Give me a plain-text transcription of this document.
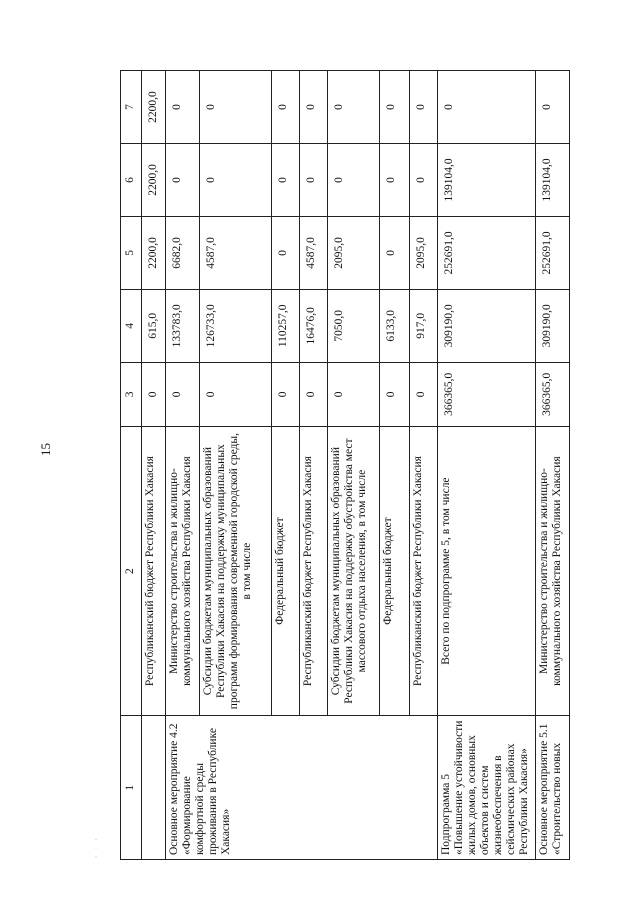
15
· · ·
1	2	3	4	5	6	7
	Республиканский бюджет Республики Хакасия	0	615,0	2200,0	2200,0	2200,0
Основное мероприятие 4.2 «Формирование комфортной среды проживания в Республике Хакасия»	Министерство строительства и жилищно-коммунального хозяйства Республики Хакасия	0	133783,0	6682,0	0	0
	Субсидии бюджетам муниципальных образований Республики Хакасия на поддержку муниципальных программ формирования современной городской среды, в том числе	0	126733,0	4587,0	0	0
	Федеральный бюджет	0	110257,0	0	0	0
	Республиканский бюджет Республики Хакасия	0	16476,0	4587,0	0	0
	Субсидии бюджетам муниципальных образований Республики Хакасия на поддержку обустройства мест массового отдыха населения, в том числе	0	7050,0	2095,0	0	0
	Федеральный бюджет	0	6133,0	0	0	0
	Республиканский бюджет Республики Хакасия	0	917,0	2095,0	0	0
Подпрограмма 5 «Повышение устойчивости жилых домов, основных объектов и систем жизнеобеспечения в сейсмических районах Республики Хакасия»	Всего по подпрограмме 5, в том числе	366365,0	309190,0	252691,0	139104,0	0
Основное мероприятие 5.1 «Строительство новых	Министерство строительства и жилищно-коммунального хозяйства Республики Хакасия	366365,0	309190,0	252691,0	139104,0	0
